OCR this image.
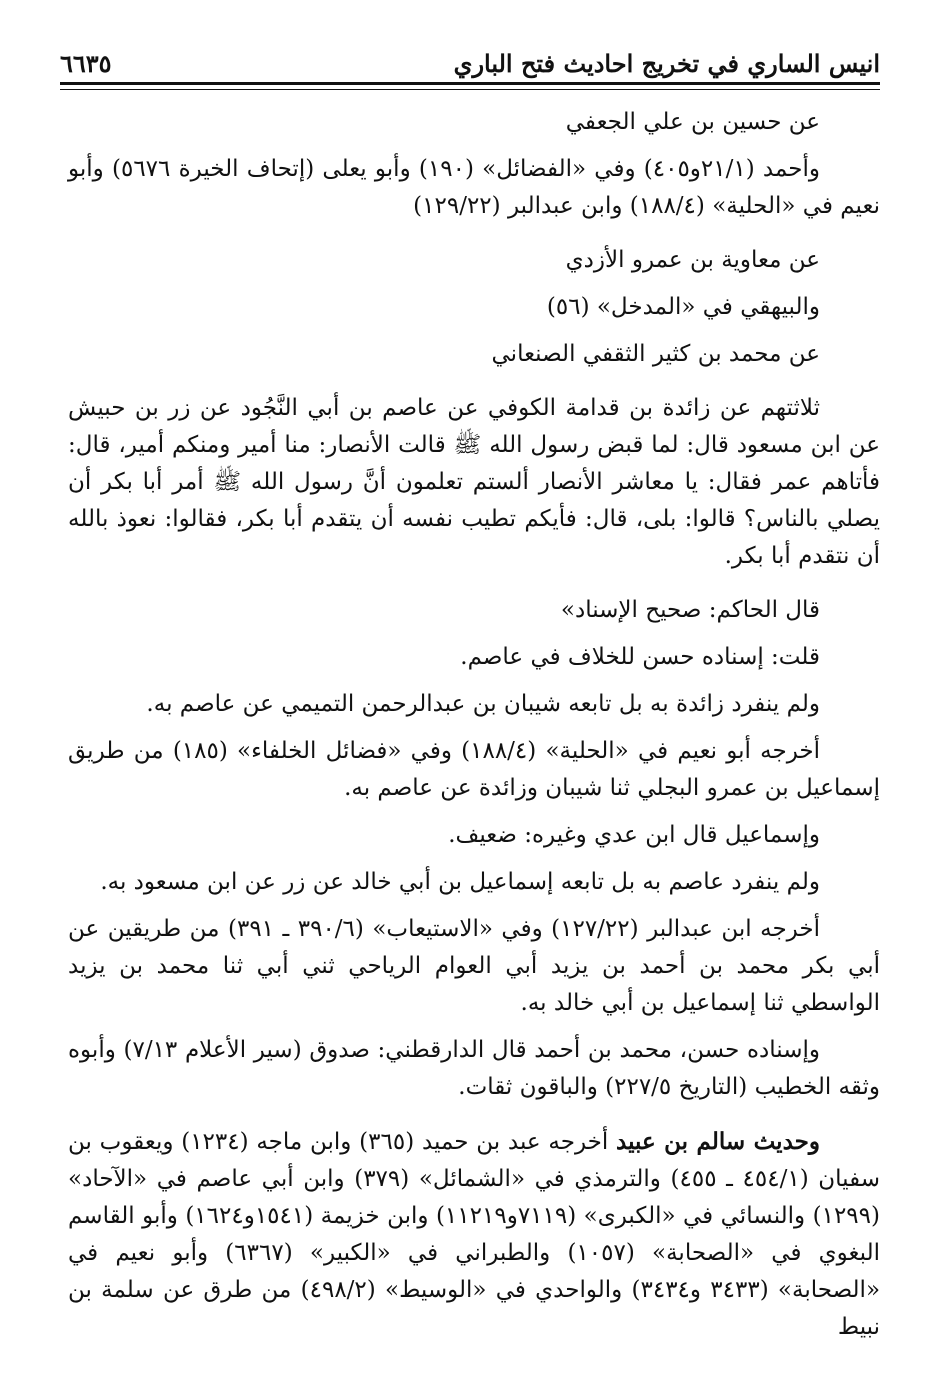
انيس الساري في تخريج احاديث فتح الباري
٦٦٣٥

عن حسين بن علي الجعفي

وأحمد (٢١/١و٤٠٥) وفي «الفضائل» (١٩٠) وأبو يعلى (إتحاف الخيرة ٥٦٧٦) وأبو نعيم في «الحلية» (١٨٨/٤) وابن عبدالبر (١٢٩/٢٢)

عن معاوية بن عمرو الأزدي

والبيهقي في «المدخل» (٥٦)

عن محمد بن كثير الثقفي الصنعاني

ثلاثتهم عن زائدة بن قدامة الكوفي عن عاصم بن أبي النَّجُود عن زر بن حبيش عن ابن مسعود قال: لما قبض رسول الله ﷺ قالت الأنصار: منا أمير ومنكم أمير، قال: فأتاهم عمر فقال: يا معاشر الأنصار ألستم تعلمون أنَّ رسول الله ﷺ أمر أبا بكر أن يصلي بالناس؟ قالوا: بلى، قال: فأيكم تطيب نفسه أن يتقدم أبا بكر، فقالوا: نعوذ بالله أن نتقدم أبا بكر.

قال الحاكم: صحيح الإسناد»

قلت: إسناده حسن للخلاف في عاصم.

ولم ينفرد زائدة به بل تابعه شيبان بن عبدالرحمن التميمي عن عاصم به.

أخرجه أبو نعيم في «الحلية» (١٨٨/٤) وفي «فضائل الخلفاء» (١٨٥) من طريق إسماعيل بن عمرو البجلي ثنا شيبان وزائدة عن عاصم به.

وإسماعيل قال ابن عدي وغيره: ضعيف.

ولم ينفرد عاصم به بل تابعه إسماعيل بن أبي خالد عن زر عن ابن مسعود به.

أخرجه ابن عبدالبر (١٢٧/٢٢) وفي «الاستيعاب» (٣٩٠/٦ ـ ٣٩١) من طريقين عن أبي بكر محمد بن أحمد بن يزيد أبي العوام الرياحي ثني أبي ثنا محمد بن يزيد الواسطي ثنا إسماعيل بن أبي خالد به.

وإسناده حسن، محمد بن أحمد قال الدارقطني: صدوق (سير الأعلام ٧/١٣) وأبوه وثقه الخطيب (التاريخ ٢٢٧/٥) والباقون ثقات.

وحديث سالم بن عبيد أخرجه عبد بن حميد (٣٦٥) وابن ماجه (١٢٣٤) ويعقوب بن سفيان (٤٥٤/١ ـ ٤٥٥) والترمذي في «الشمائل» (٣٧٩) وابن أبي عاصم في «الآحاد» (١٢٩٩) والنسائي في «الكبرى» (٧١١٩و١١٢١٩) وابن خزيمة (١٥٤١و١٦٢٤) وأبو القاسم البغوي في «الصحابة» (١٠٥٧) والطبراني في «الكبير» (٦٣٦٧) وأبو نعيم في «الصحابة» (٣٤٣٣ و٣٤٣٤) والواحدي في «الوسيط» (٤٩٨/٢) من طرق عن سلمة بن نبيط
